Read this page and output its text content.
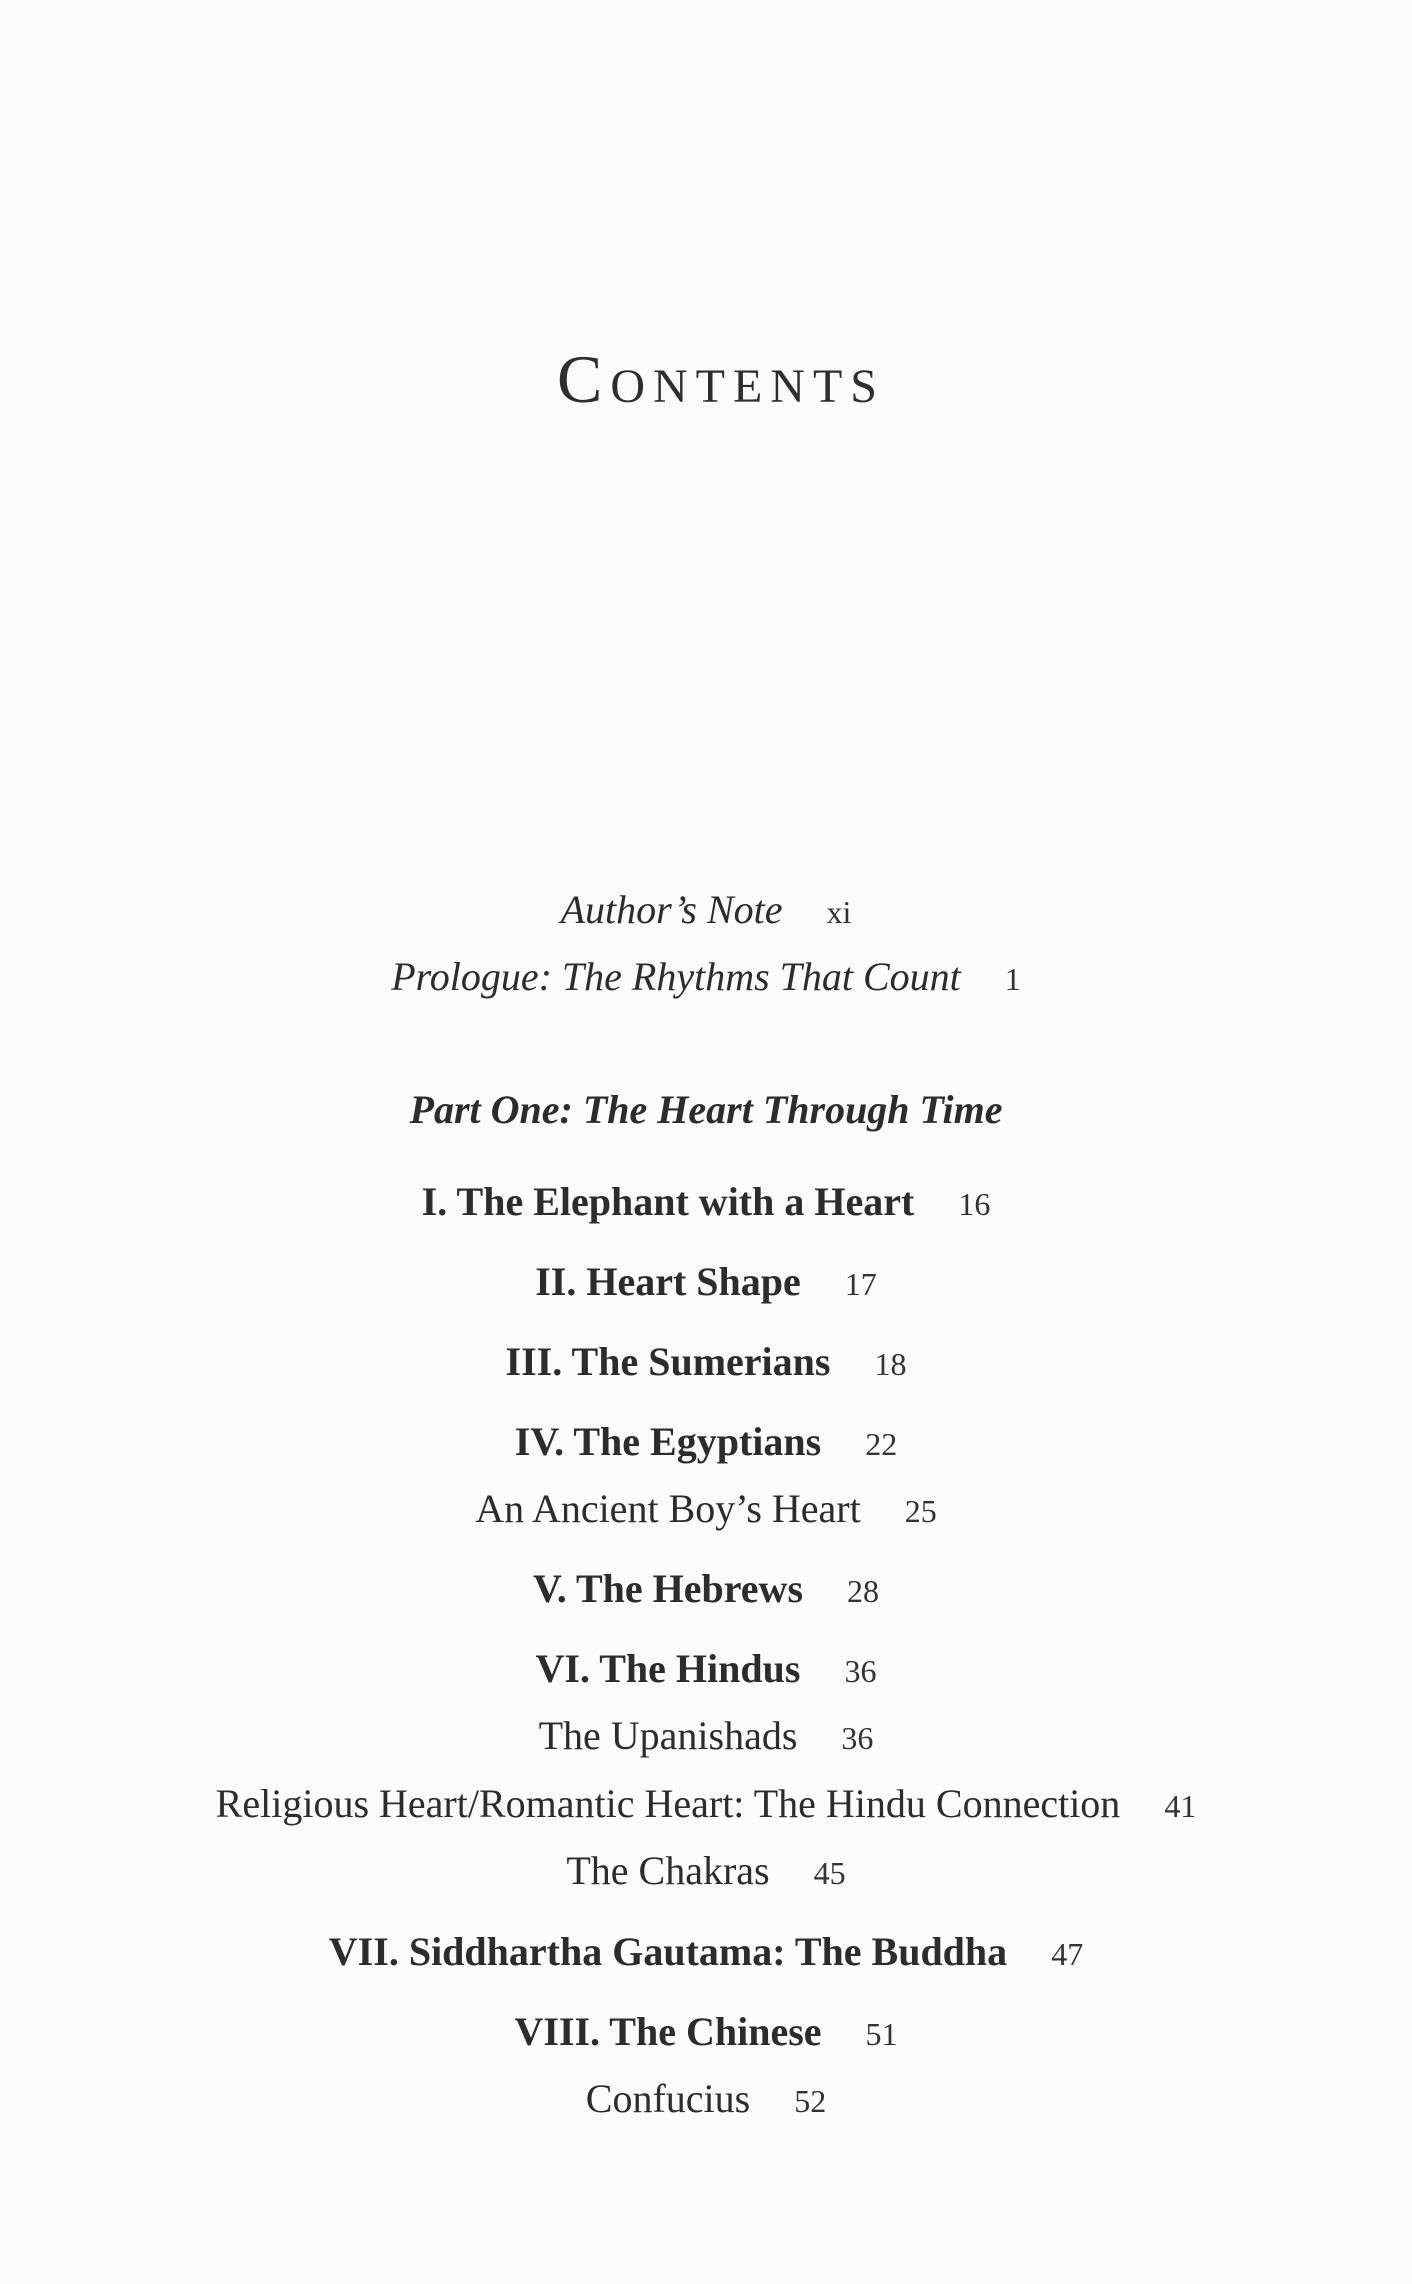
Contents
Author’s Note xi
Prologue: The Rhythms That Count 1
Part One: The Heart Through Time
I. The Elephant with a Heart 16
II. Heart Shape 17
III. The Sumerians 18
IV. The Egyptians 22
An Ancient Boy’s Heart 25
V. The Hebrews 28
VI. The Hindus 36
The Upanishads 36
Religious Heart/Romantic Heart: The Hindu Connection 41
The Chakras 45
VII. Siddhartha Gautama: The Buddha 47
VIII. The Chinese 51
Confucius 52
